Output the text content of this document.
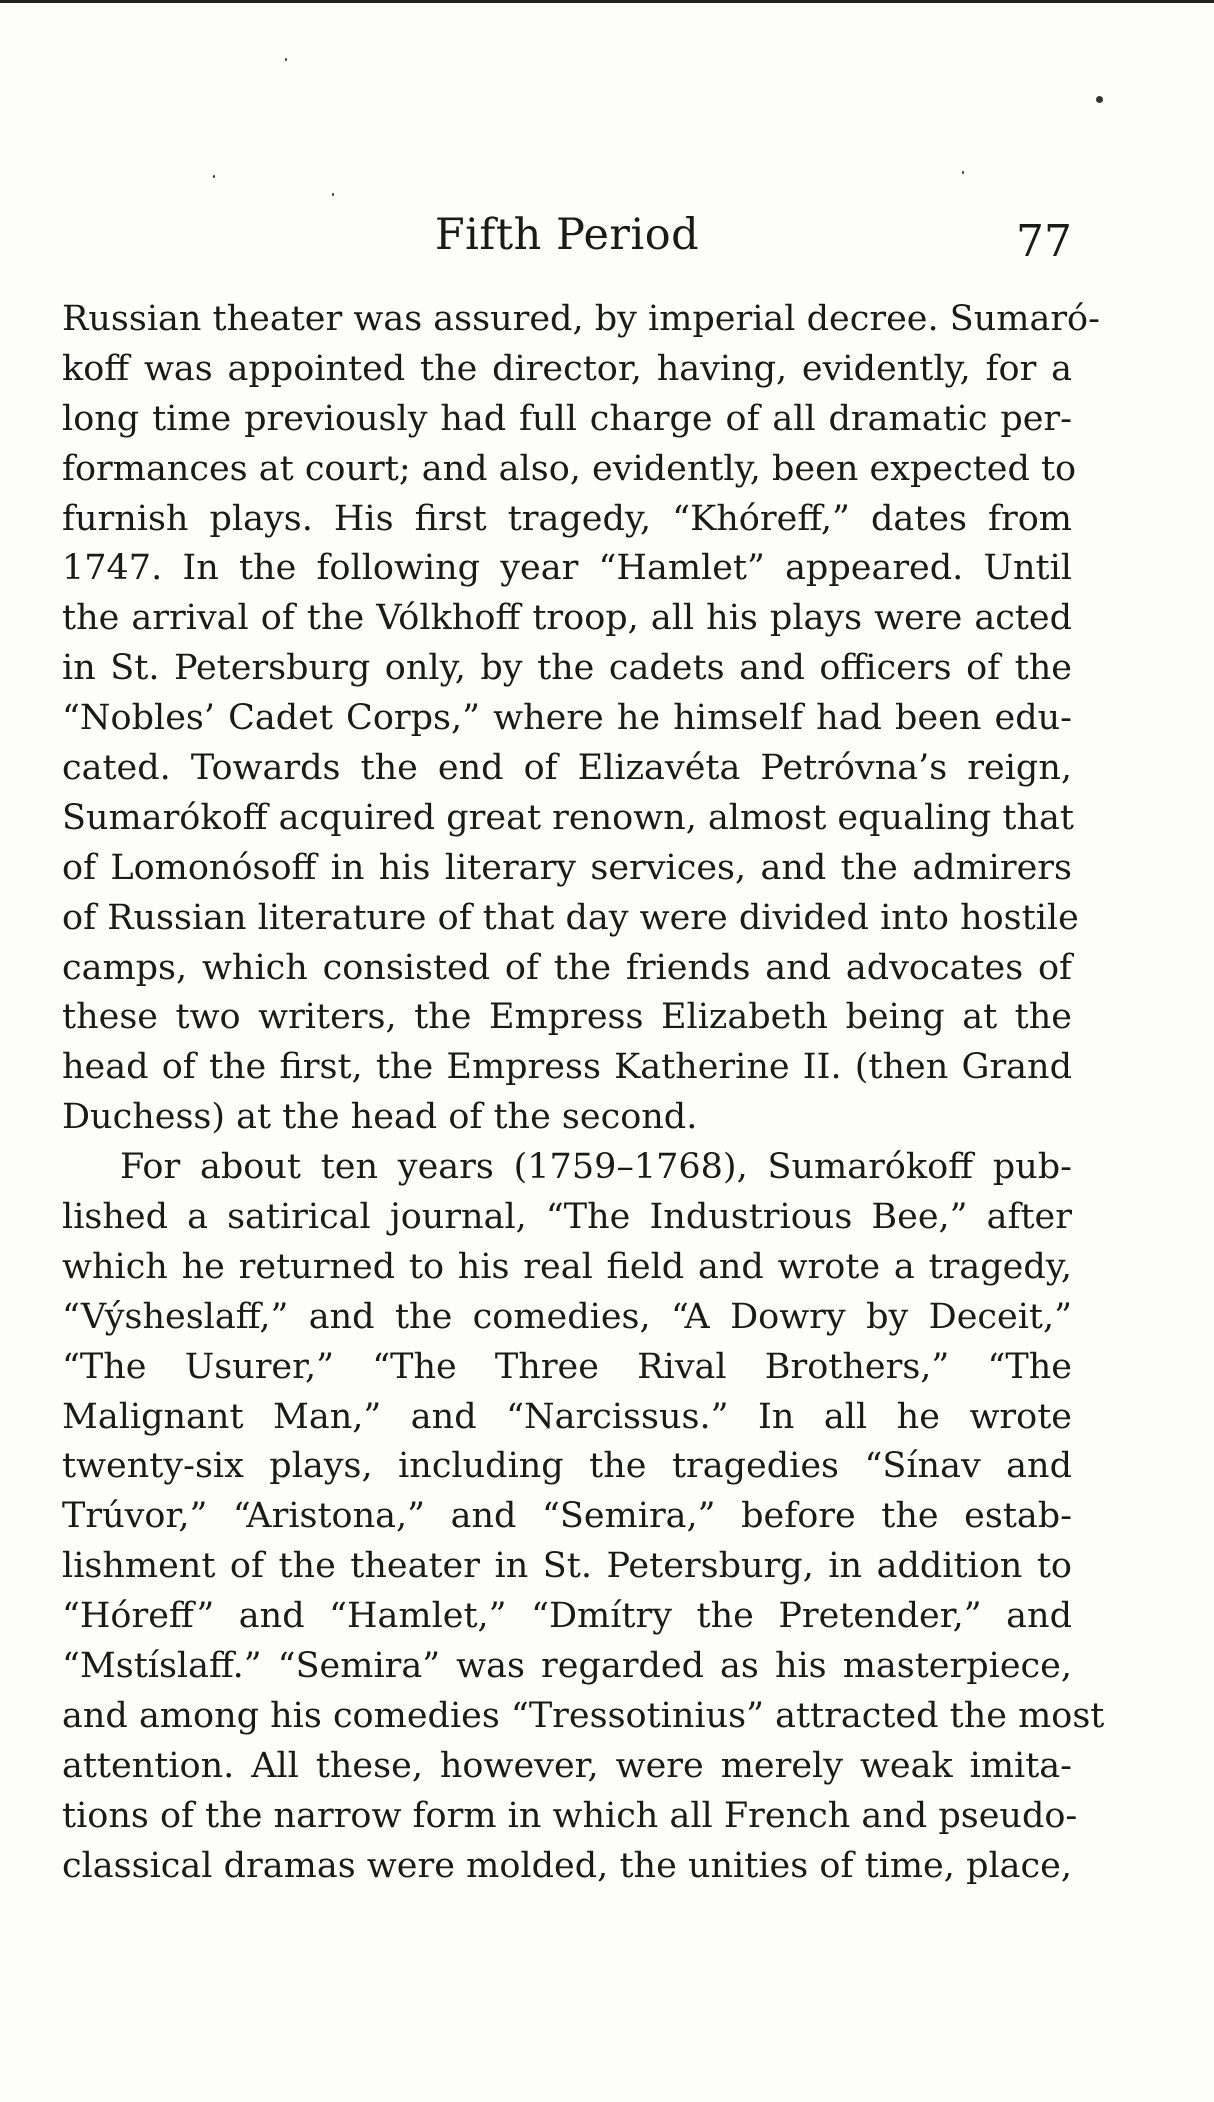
Fifth Period	77
Russian theater was assured, by imperial decree. Sumaró-
koff was appointed the director, having, evidently, for a
long time previously had full charge of all dramatic per-
formances at court; and also, evidently, been expected to
furnish plays. His first tragedy, “Khóreff,” dates from
1747. In the following year “Hamlet” appeared. Until
the arrival of the Vólkhoff troop, all his plays were acted
in St. Petersburg only, by the cadets and officers of the
“Nobles’ Cadet Corps,” where he himself had been edu-
cated. Towards the end of Elizavéta Petróvna’s reign,
Sumarókoff acquired great renown, almost equaling that
of Lomonósoff in his literary services, and the admirers
of Russian literature of that day were divided into hostile
camps, which consisted of the friends and advocates of
these two writers, the Empress Elizabeth being at the
head of the first, the Empress Katherine II. (then Grand
Duchess) at the head of the second.
For about ten years (1759–1768), Sumarókoff pub-
lished a satirical journal, “The Industrious Bee,” after
which he returned to his real field and wrote a tragedy,
“Výsheslaff,” and the comedies, “A Dowry by Deceit,”
“The Usurer,” “The Three Rival Brothers,” “The
Malignant Man,” and “Narcissus.” In all he wrote
twenty-six plays, including the tragedies “Sínav and
Trúvor,” “Aristona,” and “Semira,” before the estab-
lishment of the theater in St. Petersburg, in addition to
“Hóreff” and “Hamlet,” “Dmítry the Pretender,” and
“Mstíslaff.” “Semira” was regarded as his masterpiece,
and among his comedies “Tressotinius” attracted the most
attention. All these, however, were merely weak imita-
tions of the narrow form in which all French and pseudo-
classical dramas were molded, the unities of time, place,
